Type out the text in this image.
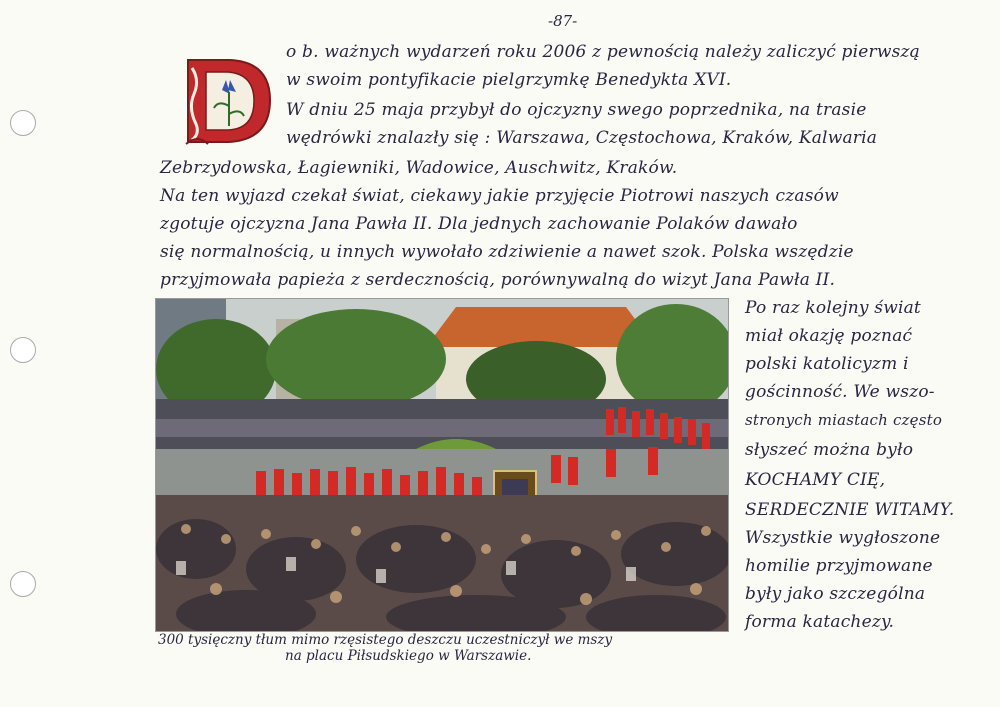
-87-
o b. ważnych wydarzeń roku 2006 z pewnością należy zaliczyć pierwszą
w swoim pontyfikacie pielgrzymkę Benedykta XVI.
W dniu 25 maja przybył do ojczyzny swego poprzednika, na trasie
wędrówki znalazły się : Warszawa, Częstochowa, Kraków, Kalwaria
Zebrzydowska, Łagiewniki, Wadowice, Auschwitz, Kraków.
Na ten wyjazd czekał świat, ciekawy jakie przyjęcie Piotrowi naszych czasów
zgotuje ojczyzna Jana Pawła II. Dla jednych zachowanie Polaków dawało
się normalnością, u innych wywołało zdziwienie a nawet szok. Polska wszędzie
przyjmowała papieża z serdecznością, porównywalną do wizyt Jana Pawła II.
300 tysięczny tłum mimo rzęsistego deszczu uczestniczył we mszy
na placu Piłsudskiego w Warszawie.
Po raz kolejny świat
miał okazję poznać
polski katolicyzm i
gościnność. We wszo-
stronych miastach często
słyszeć można było
KOCHAMY CIĘ,
SERDECZNIE WITAMY.
Wszystkie wygłoszone
homilie przyjmowane
były jako szczególna
forma katachezy.
